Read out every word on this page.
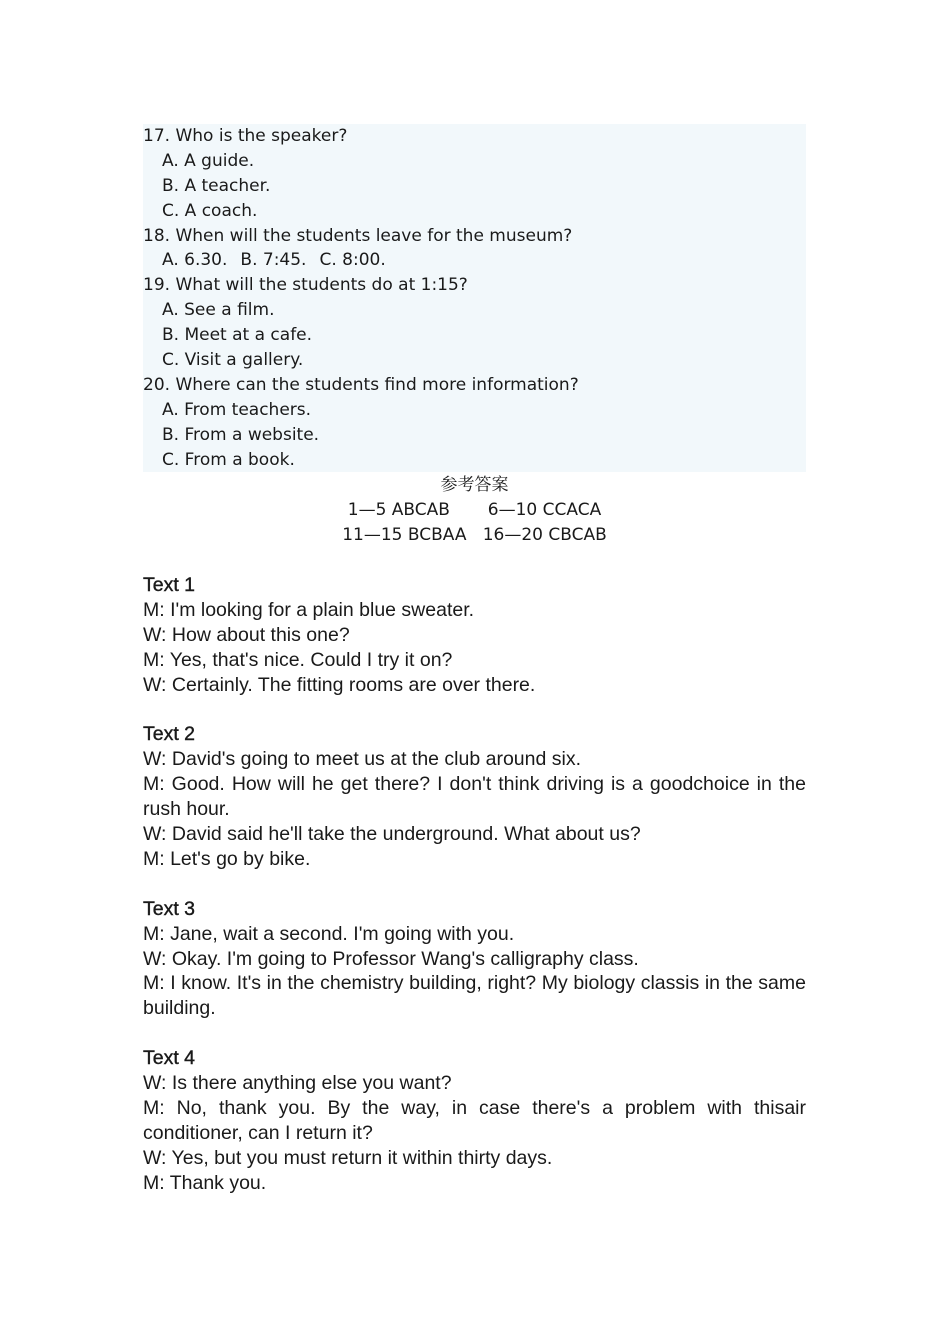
17. Who is the speaker?
A. A guide.
B. A teacher.
C. A coach.
18. When will the students leave for the museum?
A. 6.30. B. 7:45. C. 8:00.
19. What will the students do at 1:15?
A. See a film.
B. Meet at a cafe.
C. Visit a gallery.
20. Where can the students find more information?
A. From teachers.
B. From a website.
C. From a book.
参考答案
1—5 ABCAB 6—10 CCACA
11—15 BCBAA 16—20 CBCAB
Text 1
M: I'm looking for a plain blue sweater.
W: How about this one?
M: Yes, that's nice. Could I try it on?
W: Certainly. The fitting rooms are over there.
Text 2
W: David's going to meet us at the club around six.
M: Good. How will he get there? I don't think driving is a goodchoice in the rush hour.
W: David said he'll take the underground. What about us?
M: Let's go by bike.
Text 3
M: Jane, wait a second. I'm going with you.
W: Okay. I'm going to Professor Wang's calligraphy class.
M: I know. It's in the chemistry building, right? My biology classis in the same building.
Text 4
W: Is there anything else you want?
M: No, thank you. By the way, in case there's a problem with thisair conditioner, can I return it?
W: Yes, but you must return it within thirty days.
M: Thank you.
